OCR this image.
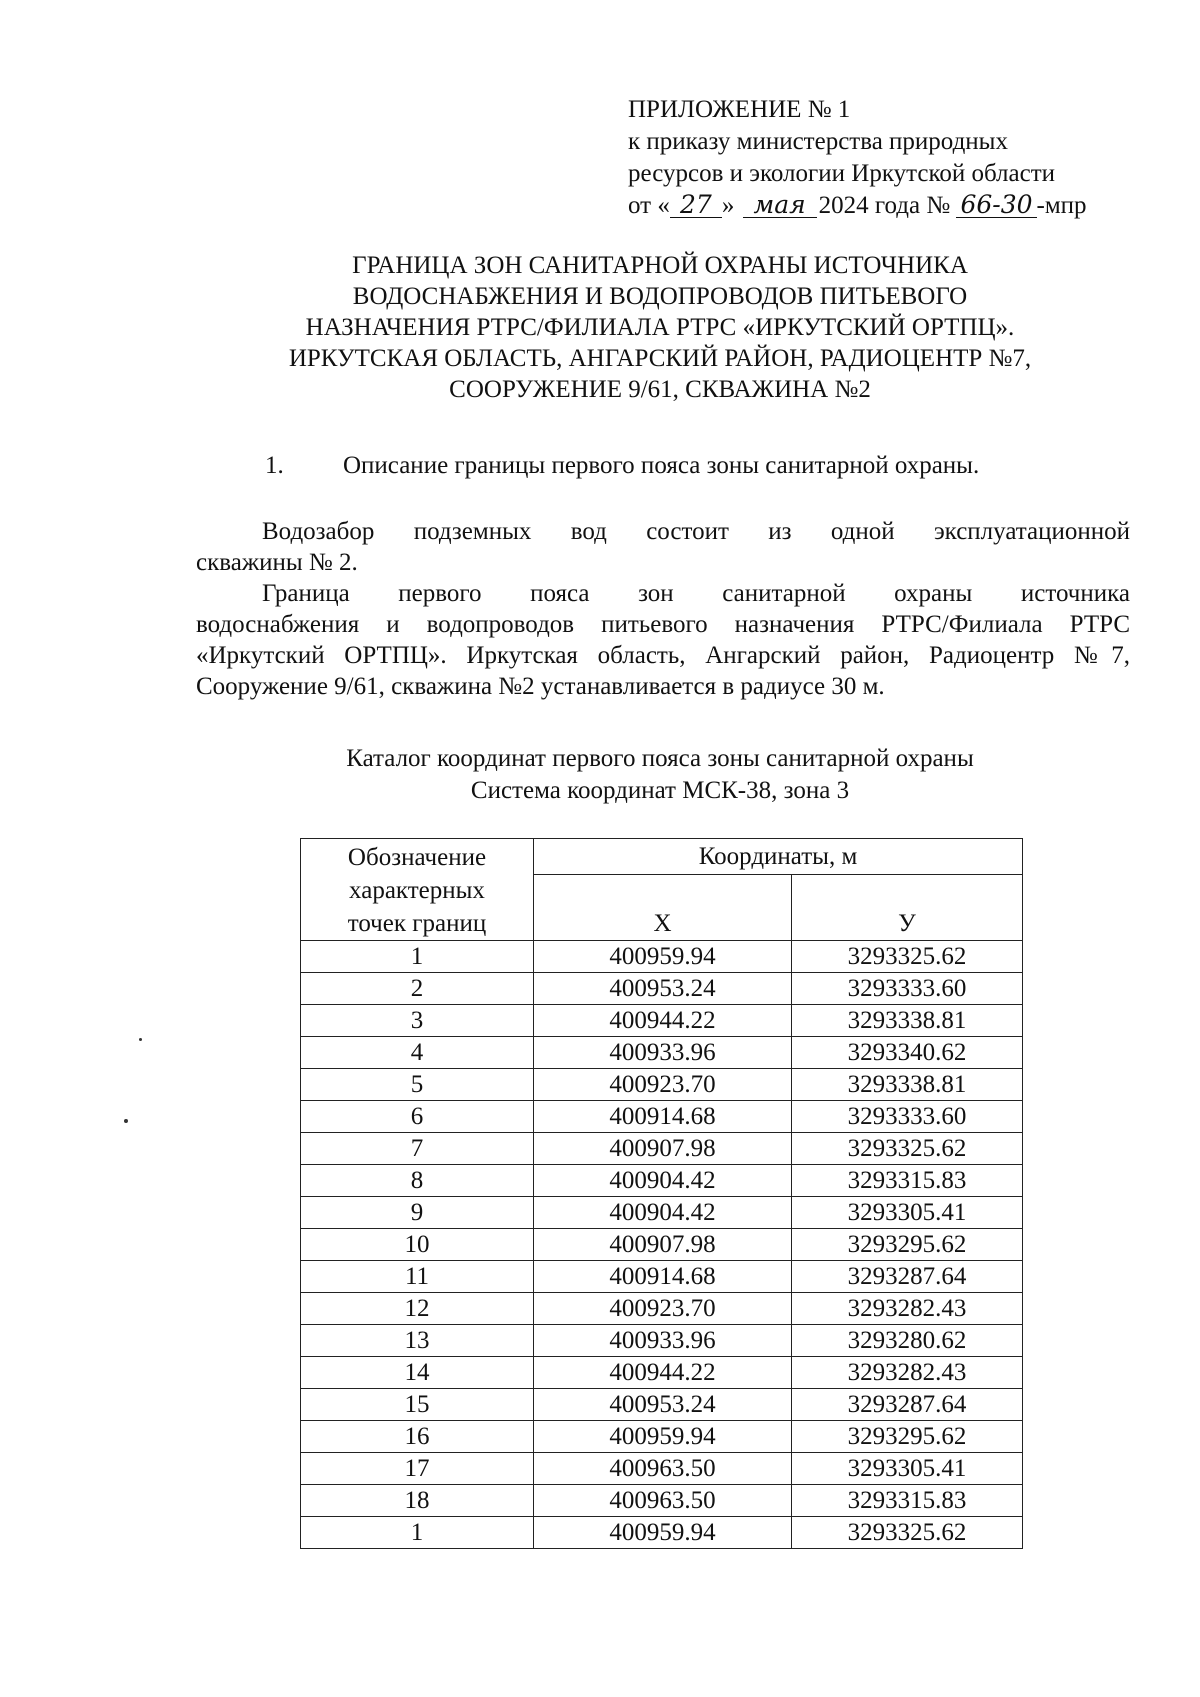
ПРИЛОЖЕНИЕ № 1
к приказу министерства природных
ресурсов и экологии Иркутской области
от « 27 » мая 2024 года № 66-30 -мпр
ГРАНИЦА ЗОН САНИТАРНОЙ ОХРАНЫ ИСТОЧНИКА
ВОДОСНАБЖЕНИЯ И ВОДОПРОВОДОВ ПИТЬЕВОГО
НАЗНАЧЕНИЯ РТРС/ФИЛИАЛА РТРС «ИРКУТСКИЙ ОРТПЦ».
ИРКУТСКАЯ ОБЛАСТЬ, АНГАРСКИЙ РАЙОН, РАДИОЦЕНТР №7,
СООРУЖЕНИЕ 9/61, СКВАЖИНА №2
1. Описание границы первого пояса зоны санитарной охраны.
Водозабор подземных вод состоит из одной эксплуатационной
скважины № 2.
Граница первого пояса зон санитарной охраны источника
водоснабжения и водопроводов питьевого назначения РТРС/Филиала РТРС
«Иркутский ОРТПЦ». Иркутская область, Ангарский район, Радиоцентр №7,
Сооружение 9/61, скважина №2 устанавливается в радиусе 30 м.
Каталог координат первого пояса зоны санитарной охраны
Система координат МСК-38, зона 3
Обозначение
характерных
точек границ	Координаты, м	
	Х	У
1	400959.94	3293325.62
2	400953.24	3293333.60
3	400944.22	3293338.81
4	400933.96	3293340.62
5	400923.70	3293338.81
6	400914.68	3293333.60
7	400907.98	3293325.62
8	400904.42	3293315.83
9	400904.42	3293305.41
10	400907.98	3293295.62
11	400914.68	3293287.64
12	400923.70	3293282.43
13	400933.96	3293280.62
14	400944.22	3293282.43
15	400953.24	3293287.64
16	400959.94	3293295.62
17	400963.50	3293305.41
18	400963.50	3293315.83
1	400959.94	3293325.62
